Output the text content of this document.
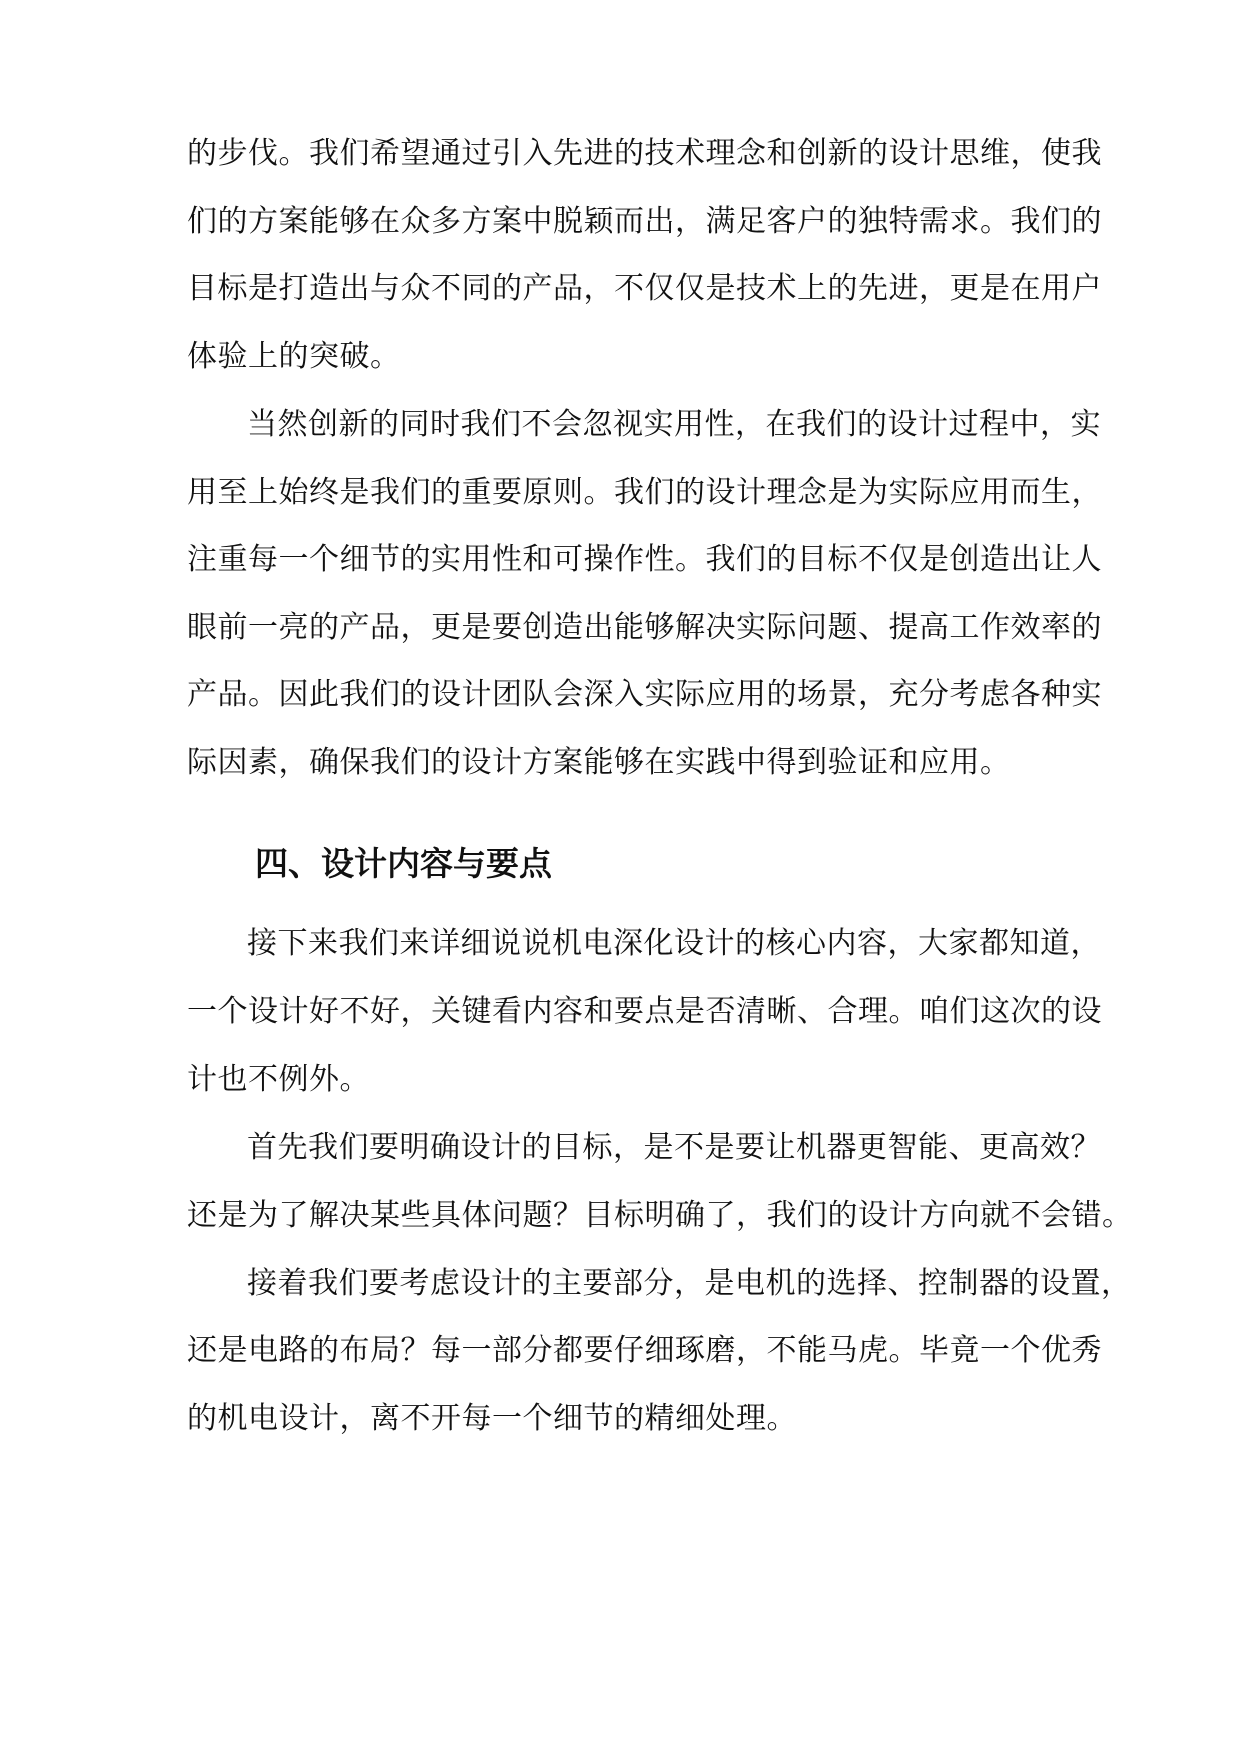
的步伐。我们希望通过引入先进的技术理念和创新的设计思维，使我
们的方案能够在众多方案中脱颖而出，满足客户的独特需求。我们的
目标是打造出与众不同的产品，不仅仅是技术上的先进，更是在用户
体验上的突破。
当然创新的同时我们不会忽视实用性，在我们的设计过程中，实
用至上始终是我们的重要原则。我们的设计理念是为实际应用而生，
注重每一个细节的实用性和可操作性。我们的目标不仅是创造出让人
眼前一亮的产品，更是要创造出能够解决实际问题、提高工作效率的
产品。因此我们的设计团队会深入实际应用的场景，充分考虑各种实
际因素，确保我们的设计方案能够在实践中得到验证和应用。
四、设计内容与要点
接下来我们来详细说说机电深化设计的核心内容，大家都知道，
一个设计好不好，关键看内容和要点是否清晰、合理。咱们这次的设
计也不例外。
首先我们要明确设计的目标，是不是要让机器更智能、更高效？
还是为了解决某些具体问题？目标明确了，我们的设计方向就不会错。
接着我们要考虑设计的主要部分，是电机的选择、控制器的设置，
还是电路的布局？每一部分都要仔细琢磨，不能马虎。毕竟一个优秀
的机电设计，离不开每一个细节的精细处理。
